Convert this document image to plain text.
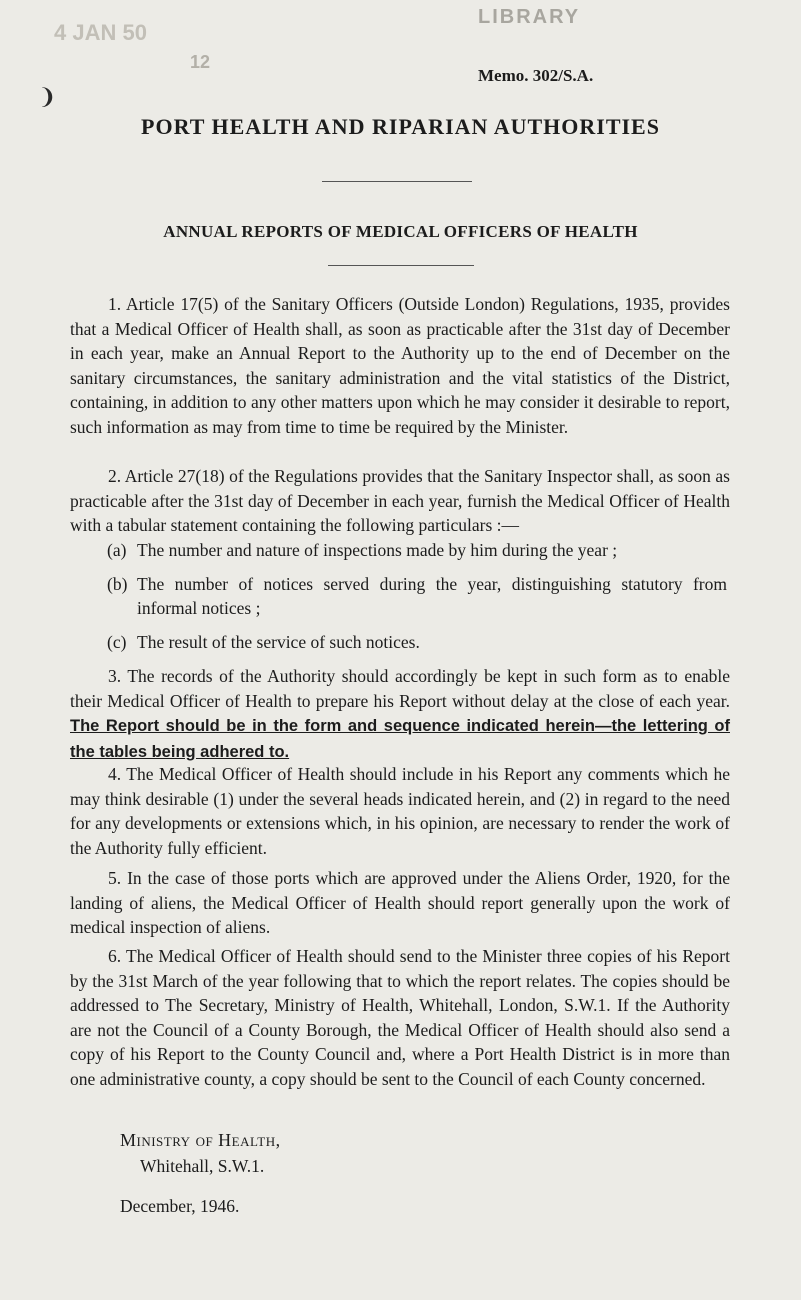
4 JAN 50
12
LIBRARY
Memo. 302/S.A.
❩
PORT HEALTH AND RIPARIAN AUTHORITIES
ANNUAL REPORTS OF MEDICAL OFFICERS OF HEALTH

1. Article 17(5) of the Sanitary Officers (Outside London) Regulations, 1935, provides that a Medical Officer of Health shall, as soon as practicable after the 31st day of December in each year, make an Annual Report to the Authority up to the end of December on the sanitary circumstances, the sanitary administration and the vital statistics of the District, containing, in addition to any other matters upon which he may consider it desirable to report, such information as may from time to time be required by the Minister.

2. Article 27(18) of the Regulations provides that the Sanitary Inspector shall, as soon as practicable after the 31st day of December in each year, furnish the Medical Officer of Health with a tabular statement containing the following particulars :—

(a) The number and nature of inspections made by him during the year ;
(b) The number of notices served during the year, distinguishing statutory from informal notices ;
(c) The result of the service of such notices.

3. The records of the Authority should accordingly be kept in such form as to enable their Medical Officer of Health to prepare his Report without delay at the close of each year. The Report should be in the form and sequence indicated herein—the lettering of the tables being adhered to.

4. The Medical Officer of Health should include in his Report any comments which he may think desirable (1) under the several heads indicated herein, and (2) in regard to the need for any developments or extensions which, in his opinion, are necessary to render the work of the Authority fully efficient.

5. In the case of those ports which are approved under the Aliens Order, 1920, for the landing of aliens, the Medical Officer of Health should report generally upon the work of medical inspection of aliens.

6. The Medical Officer of Health should send to the Minister three copies of his Report by the 31st March of the year following that to which the report relates. The copies should be addressed to The Secretary, Ministry of Health, Whitehall, London, S.W.1. If the Authority are not the Council of a County Borough, the Medical Officer of Health should also send a copy of his Report to the County Council and, where a Port Health District is in more than one administrative county, a copy should be sent to the Council of each County concerned.

Ministry of Health,
Whitehall, S.W.1.
December, 1946.
